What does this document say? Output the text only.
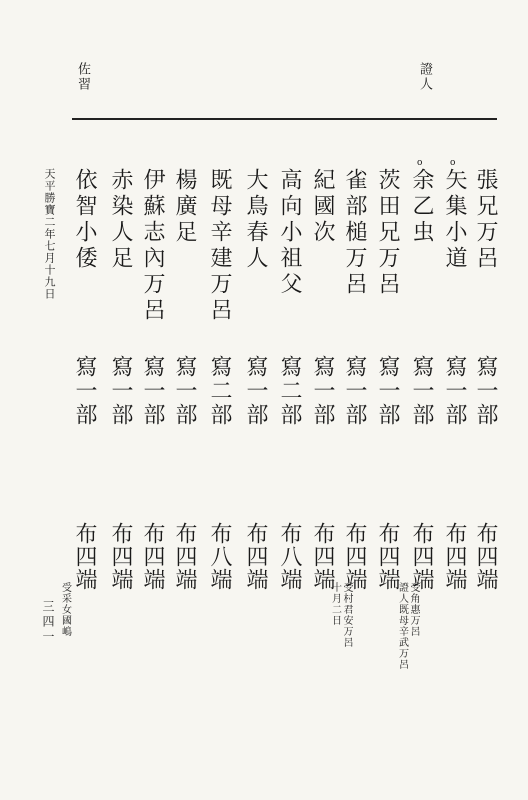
證人
佐習
張兄万呂
寫一部
布四端
矢集小道
o
寫一部
布四端
余乙虫
o
寫一部
布四端
受角惠万呂
證人既母辛武万呂
茨田兄万呂
寫一部
布四端
雀部槌万呂
寫一部
布四端
受村君安万呂
十月二日
紀國次
寫一部
布四端
高向小祖父
寫二部
布八端
大鳥春人
寫一部
布四端
既母辛建万呂
寫二部
布八端
楊廣足
寫一部
布四端
伊蘇志內万呂
寫一部
布四端
赤染人足
寫一部
布四端
依智小倭
寫一部
布四端
受采女國嶋
天平勝寶二年七月十九日
三四一
